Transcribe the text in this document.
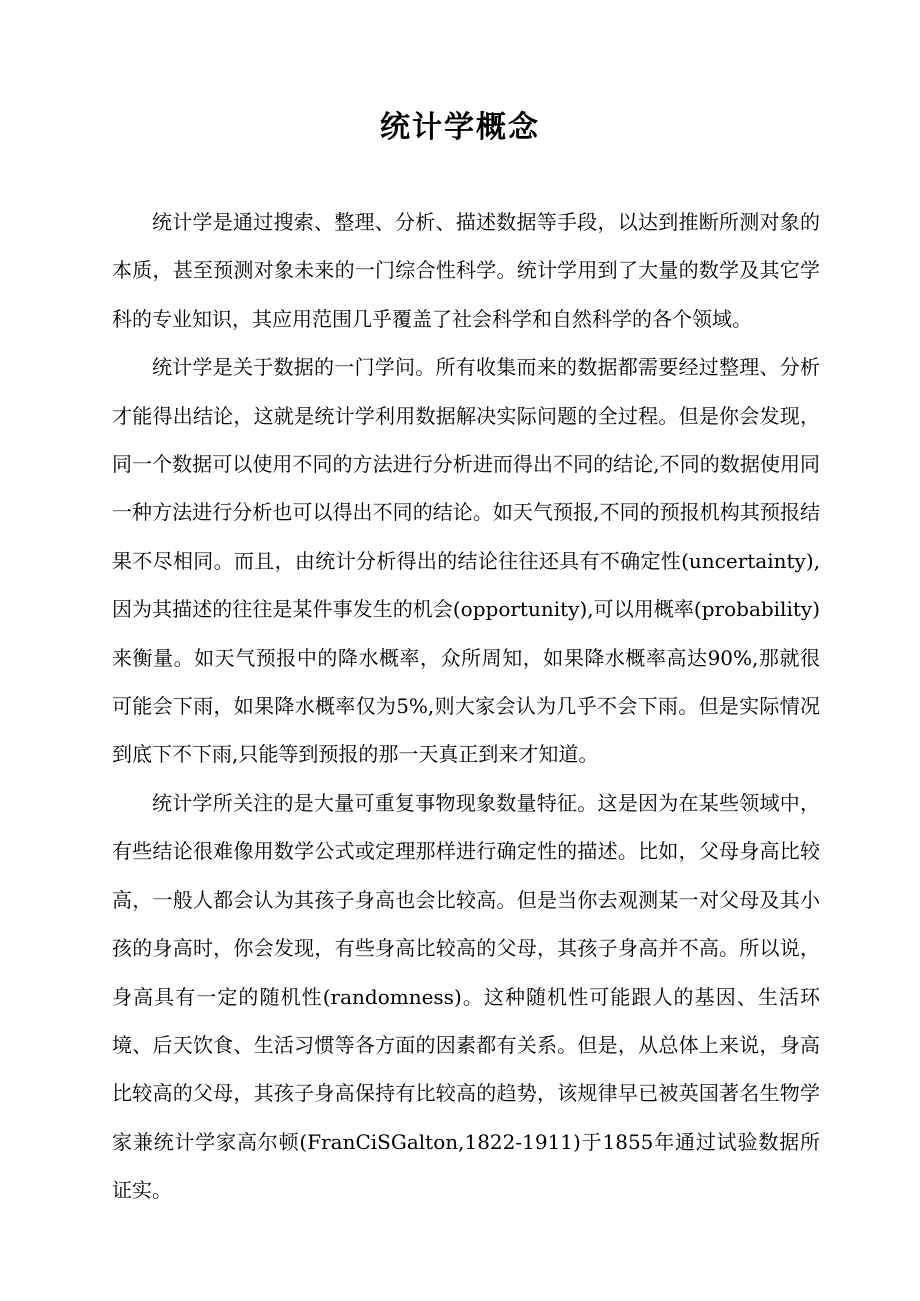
统计学概念

统计学是通过搜索、整理、分析、描述数据等手段，以达到推断所测对象的本质，甚至预测对象未来的一门综合性科学。统计学用到了大量的数学及其它学科的专业知识，其应用范围几乎覆盖了社会科学和自然科学的各个领域。

统计学是关于数据的一门学问。所有收集而来的数据都需要经过整理、分析才能得出结论，这就是统计学利用数据解决实际问题的全过程。但是你会发现，同一个数据可以使用不同的方法进行分析进而得出不同的结论,不同的数据使用同一种方法进行分析也可以得出不同的结论。如天气预报,不同的预报机构其预报结果不尽相同。而且，由统计分析得出的结论往往还具有不确定性(uncertainty),因为其描述的往往是某件事发生的机会(opportunity),可以用概率(probability)来衡量。如天气预报中的降水概率，众所周知，如果降水概率高达90%,那就很可能会下雨，如果降水概率仅为5%,则大家会认为几乎不会下雨。但是实际情况到底下不下雨,只能等到预报的那一天真正到来才知道。

统计学所关注的是大量可重复事物现象数量特征。这是因为在某些领域中，有些结论很难像用数学公式或定理那样进行确定性的描述。比如，父母身高比较高，一般人都会认为其孩子身高也会比较高。但是当你去观测某一对父母及其小孩的身高时，你会发现，有些身高比较高的父母，其孩子身高并不高。所以说，身高具有一定的随机性(randomness)。这种随机性可能跟人的基因、生活环境、后天饮食、生活习惯等各方面的因素都有关系。但是，从总体上来说，身高比较高的父母，其孩子身高保持有比较高的趋势，该规律早已被英国著名生物学家兼统计学家高尔顿(FranCiSGalton,1822-1911)于1855年通过试验数据所证实。
